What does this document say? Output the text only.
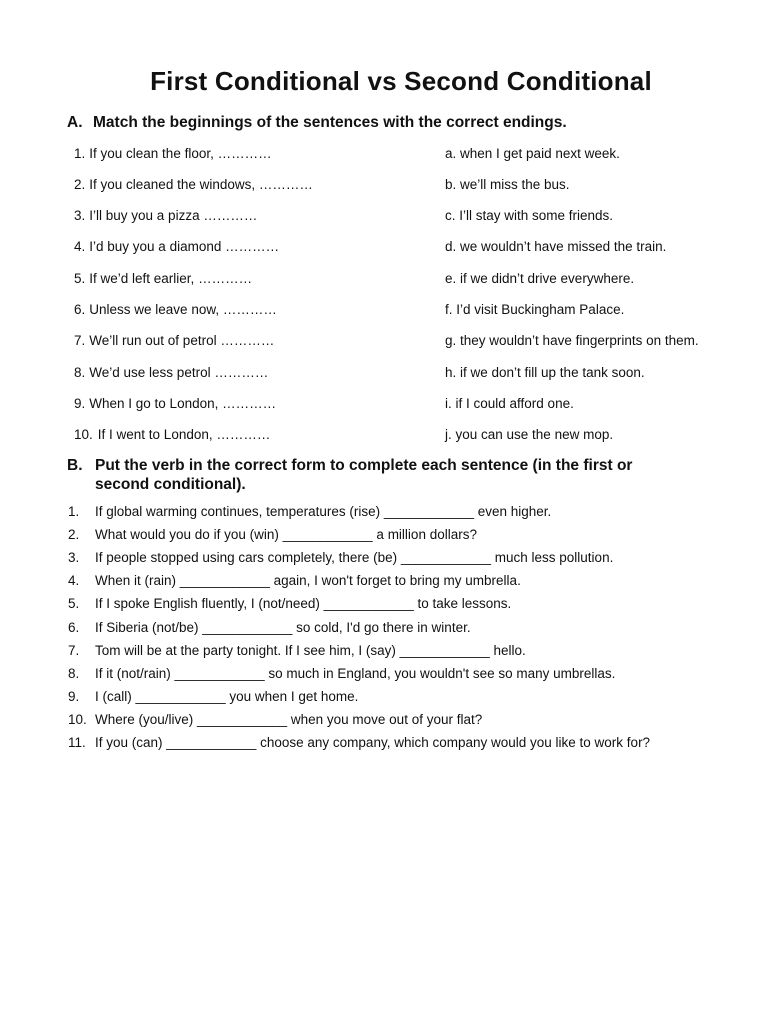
First Conditional vs Second Conditional
A. Match the beginnings of the sentences with the correct endings.
1. If you clean the floor, …………	a. when I get paid next week.
2. If you cleaned the windows, …………	b. we’ll miss the bus.
3. I’ll buy you a pizza …………	c. I’ll stay with some friends.
4. I’d buy you a diamond …………	d. we wouldn’t have missed the train.
5. If we’d left earlier, …………	e. if we didn’t drive everywhere.
6. Unless we leave now, …………	f. I’d visit Buckingham Palace.
7. We’ll run out of petrol …………	g. they wouldn’t have fingerprints on them.
8. We’d use less petrol …………	h. if we don’t fill up the tank soon.
9. When I go to London, …………	i. if I could afford one.
10. If I went to London, …………	j. you can use the new mop.
B. Put the verb in the correct form to complete each sentence (in the first or
second conditional).
1. If global warming continues, temperatures (rise) ____________ even higher.
2. What would you do if you (win) ____________ a million dollars?
3. If people stopped using cars completely, there (be) ____________ much less pollution.
4. When it (rain) ____________ again, I won't forget to bring my umbrella.
5. If I spoke English fluently, I (not/need) ____________ to take lessons.
6. If Siberia (not/be) ____________ so cold, I'd go there in winter.
7. Tom will be at the party tonight. If I see him, I (say) ____________ hello.
8. If it (not/rain) ____________ so much in England, you wouldn't see so many umbrellas.
9. I (call) ____________ you when I get home.
10. Where (you/live) ____________ when you move out of your flat?
11. If you (can) ____________ choose any company, which company would you like to work for?
